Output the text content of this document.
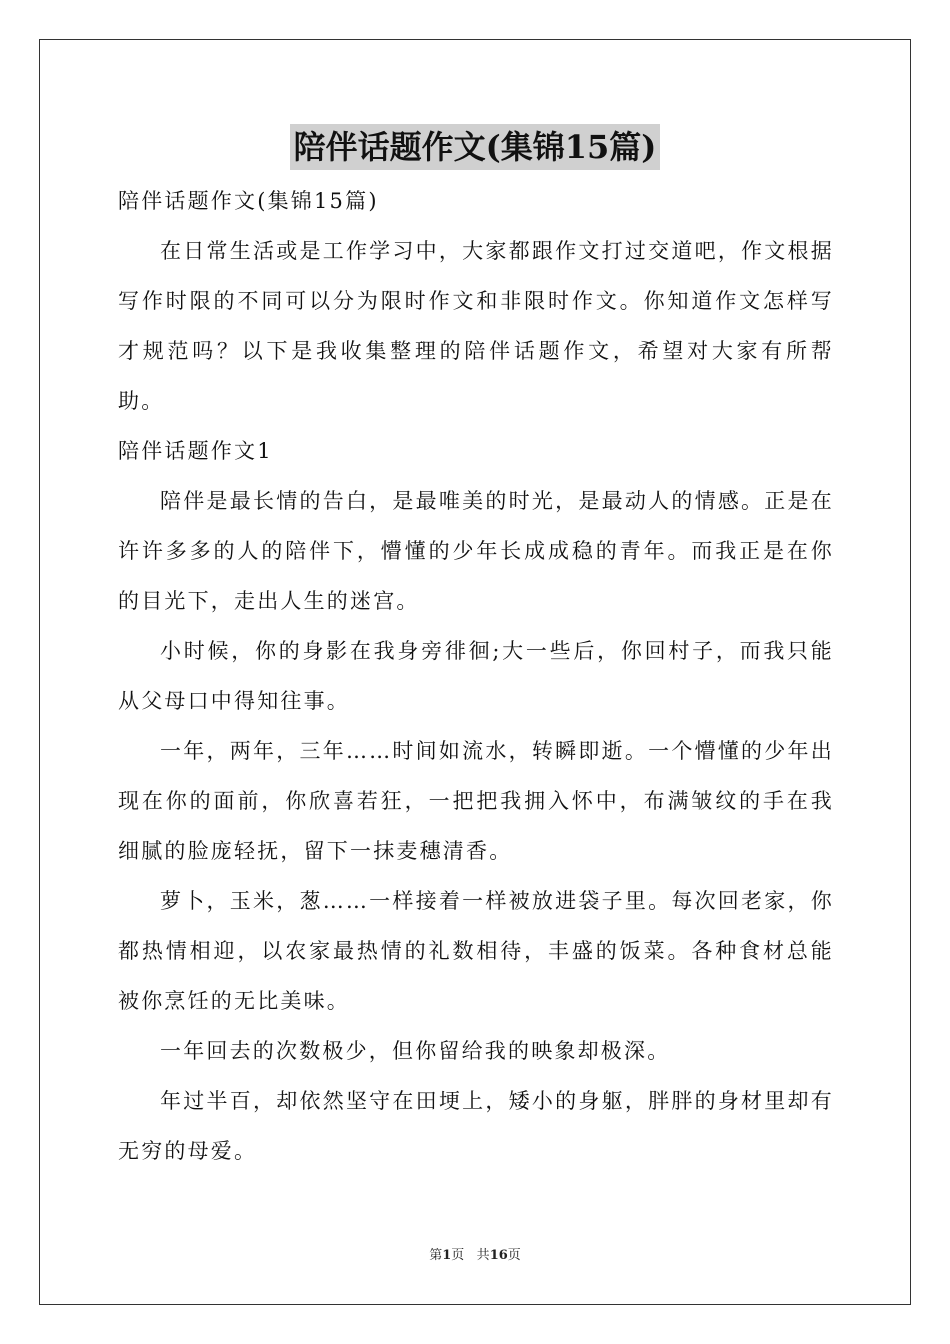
陪伴话题作文(集锦15篇)

陪伴话题作文(集锦15篇)

在日常生活或是工作学习中，大家都跟作文打过交道吧，作文根据写作时限的不同可以分为限时作文和非限时作文。你知道作文怎样写才规范吗？以下是我收集整理的陪伴话题作文，希望对大家有所帮助。

陪伴话题作文1

陪伴是最长情的告白，是最唯美的时光，是最动人的情感。正是在许许多多的人的陪伴下，懵懂的少年长成成稳的青年。而我正是在你的目光下，走出人生的迷宫。

小时候，你的身影在我身旁徘徊;大一些后，你回村子，而我只能从父母口中得知往事。

一年，两年，三年……时间如流水，转瞬即逝。一个懵懂的少年出现在你的面前，你欣喜若狂，一把把我拥入怀中，布满皱纹的手在我细腻的脸庞轻抚，留下一抹麦穗清香。

萝卜，玉米，葱……一样接着一样被放进袋子里。每次回老家，你都热情相迎，以农家最热情的礼数相待，丰盛的饭菜。各种食材总能被你烹饪的无比美味。

一年回去的次数极少，但你留给我的映象却极深。

年过半百，却依然坚守在田埂上，矮小的身躯，胖胖的身材里却有无穷的母爱。

第1页 共16页
